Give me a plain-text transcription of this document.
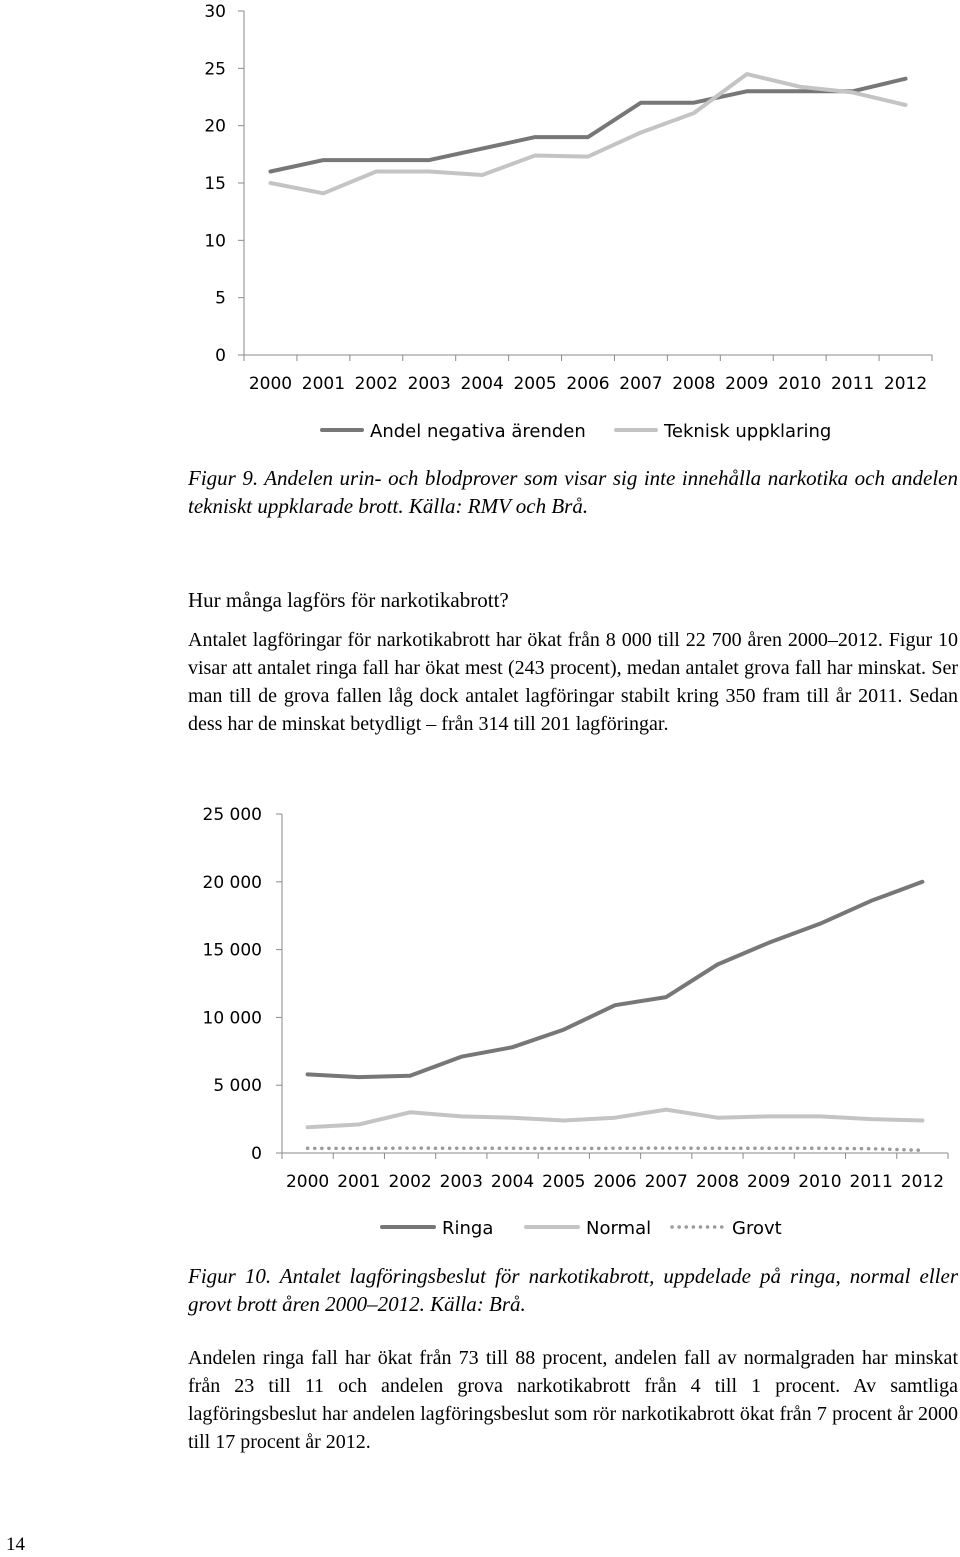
0
5
10
15
20
25
30
2000 2001 2002 2003 2004 2005 2006 2007 2008 2009 2010 2011 2012
Andel negativa ärenden	Teknisk uppklaring
Figur 9. Andelen urin- och blodprover som visar sig inte innehålla narkotika och andelen tekniskt uppklarade brott. Källa: RMV och Brå.
Hur många lagförs för narkotikabrott?
Antalet lagföringar för narkotikabrott har ökat från 8 000 till 22 700 åren 2000–2012. Figur 10 visar att antalet ringa fall har ökat mest (243 procent), medan antalet grova fall har minskat. Ser man till de grova fallen låg dock antalet lagföringar stabilt kring 350 fram till år 2011. Sedan dess har de minskat betydligt – från 314 till 201 lagföringar.
0
5 000
10 000
15 000
20 000
25 000
2000 2001 2002 2003 2004 2005 2006 2007 2008 2009 2010 2011 2012
Ringa	Normal	Grovt
Figur 10. Antalet lagföringsbeslut för narkotikabrott, uppdelade på ringa, normal eller grovt brott åren 2000–2012. Källa: Brå.
Andelen ringa fall har ökat från 73 till 88 procent, andelen fall av normalgraden har minskat från 23 till 11 och andelen grova narkotikabrott från 4 till 1 procent. Av samtliga lagföringsbeslut har andelen lagföringsbeslut som rör narkotikabrott ökat från 7 procent år 2000 till 17 procent år 2012.
14
